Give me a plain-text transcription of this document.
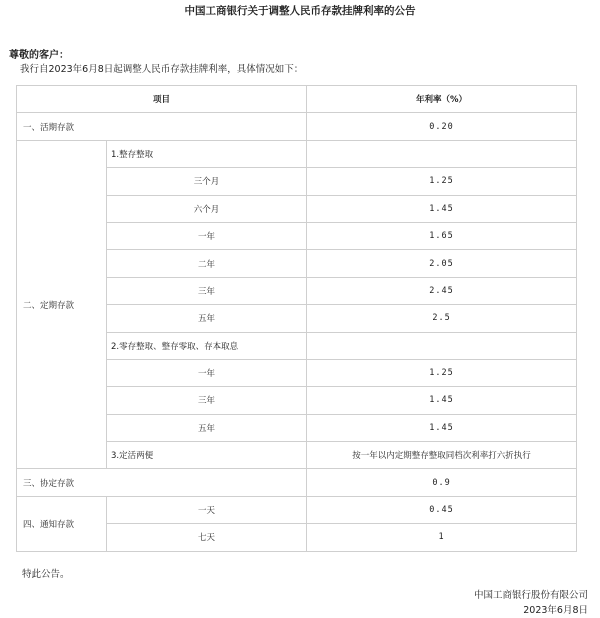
中国工商银行关于调整人民币存款挂牌利率的公告
尊敬的客户：
我行自2023年6月8日起调整人民币存款挂牌利率，具体情况如下：
项目		年利率（%）
一、活期存款		0.20
二、定期存款	1.整存整取	
	三个月	1.25
	六个月	1.45
	一年	1.65
	二年	2.05
	三年	2.45
	五年	2.5
	2.零存整取、整存零取、存本取息	
	一年	1.25
	三年	1.45
	五年	1.45
	3.定活两便	按一年以内定期整存整取同档次利率打六折执行
三、协定存款		0.9
四、通知存款	一天	0.45
	七天	1
特此公告。
中国工商银行股份有限公司
2023年6月8日
